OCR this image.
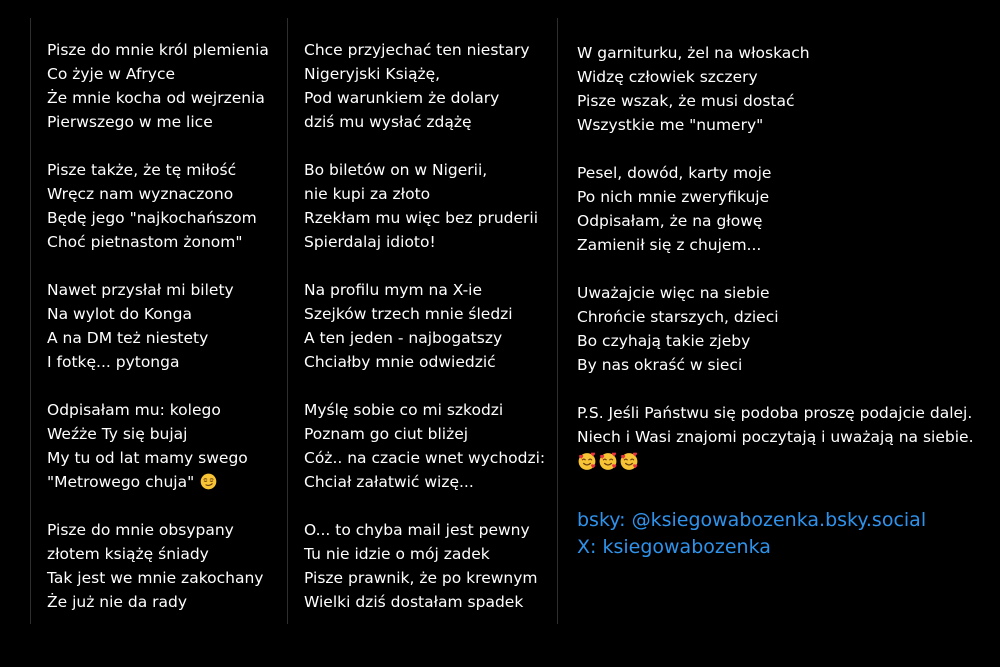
Pisze do mnie król plemienia
Co żyje w Afryce
Że mnie kocha od wejrzenia
Pierwszego w me lice
Pisze także, że tę miłość
Wręcz nam wyznaczono
Będę jego "najkochańszom
Choć pietnastom żonom"
Nawet przysłał mi bilety
Na wylot do Konga
A na DM też niestety
I fotkę... pytonga
Odpisałam mu: kolego
Weźże Ty się bujaj
My tu od lat mamy swego
"Metrowego chuja"
Pisze do mnie obsypany
złotem książę śniady
Tak jest we mnie zakochany
Że już nie da rady
Chce przyjechać ten niestary
Nigeryjski Książę,
Pod warunkiem że dolary
dziś mu wysłać zdążę
Bo biletów on w Nigerii,
nie kupi za złoto
Rzekłam mu więc bez pruderii
Spierdalaj idioto!
Na profilu mym na X-ie
Szejków trzech mnie śledzi
A ten jeden - najbogatszy
Chciałby mnie odwiedzić
Myślę sobie co mi szkodzi
Poznam go ciut bliżej
Cóż.. na czacie wnet wychodzi:
Chciał załatwić wizę...
O... to chyba mail jest pewny
Tu nie idzie o mój zadek
Pisze prawnik, że po krewnym
Wielki dziś dostałam spadek
W garniturku, żel na włoskach
Widzę człowiek szczery
Pisze wszak, że musi dostać
Wszystkie me "numery"
Pesel, dowód, karty moje
Po nich mnie zweryfikuje
Odpisałam, że na głowę
Zamienił się z chujem...
Uważajcie więc na siebie
Chrońcie starszych, dzieci
Bo czyhają takie zjeby
By nas okraść w sieci
P.S. Jeśli Państwu się podoba proszę podajcie dalej.
Niech i Wasi znajomi poczytają i uważają na siebie.
bsky: @ksiegowabozenka.bsky.social
X: ksiegowabozenka
